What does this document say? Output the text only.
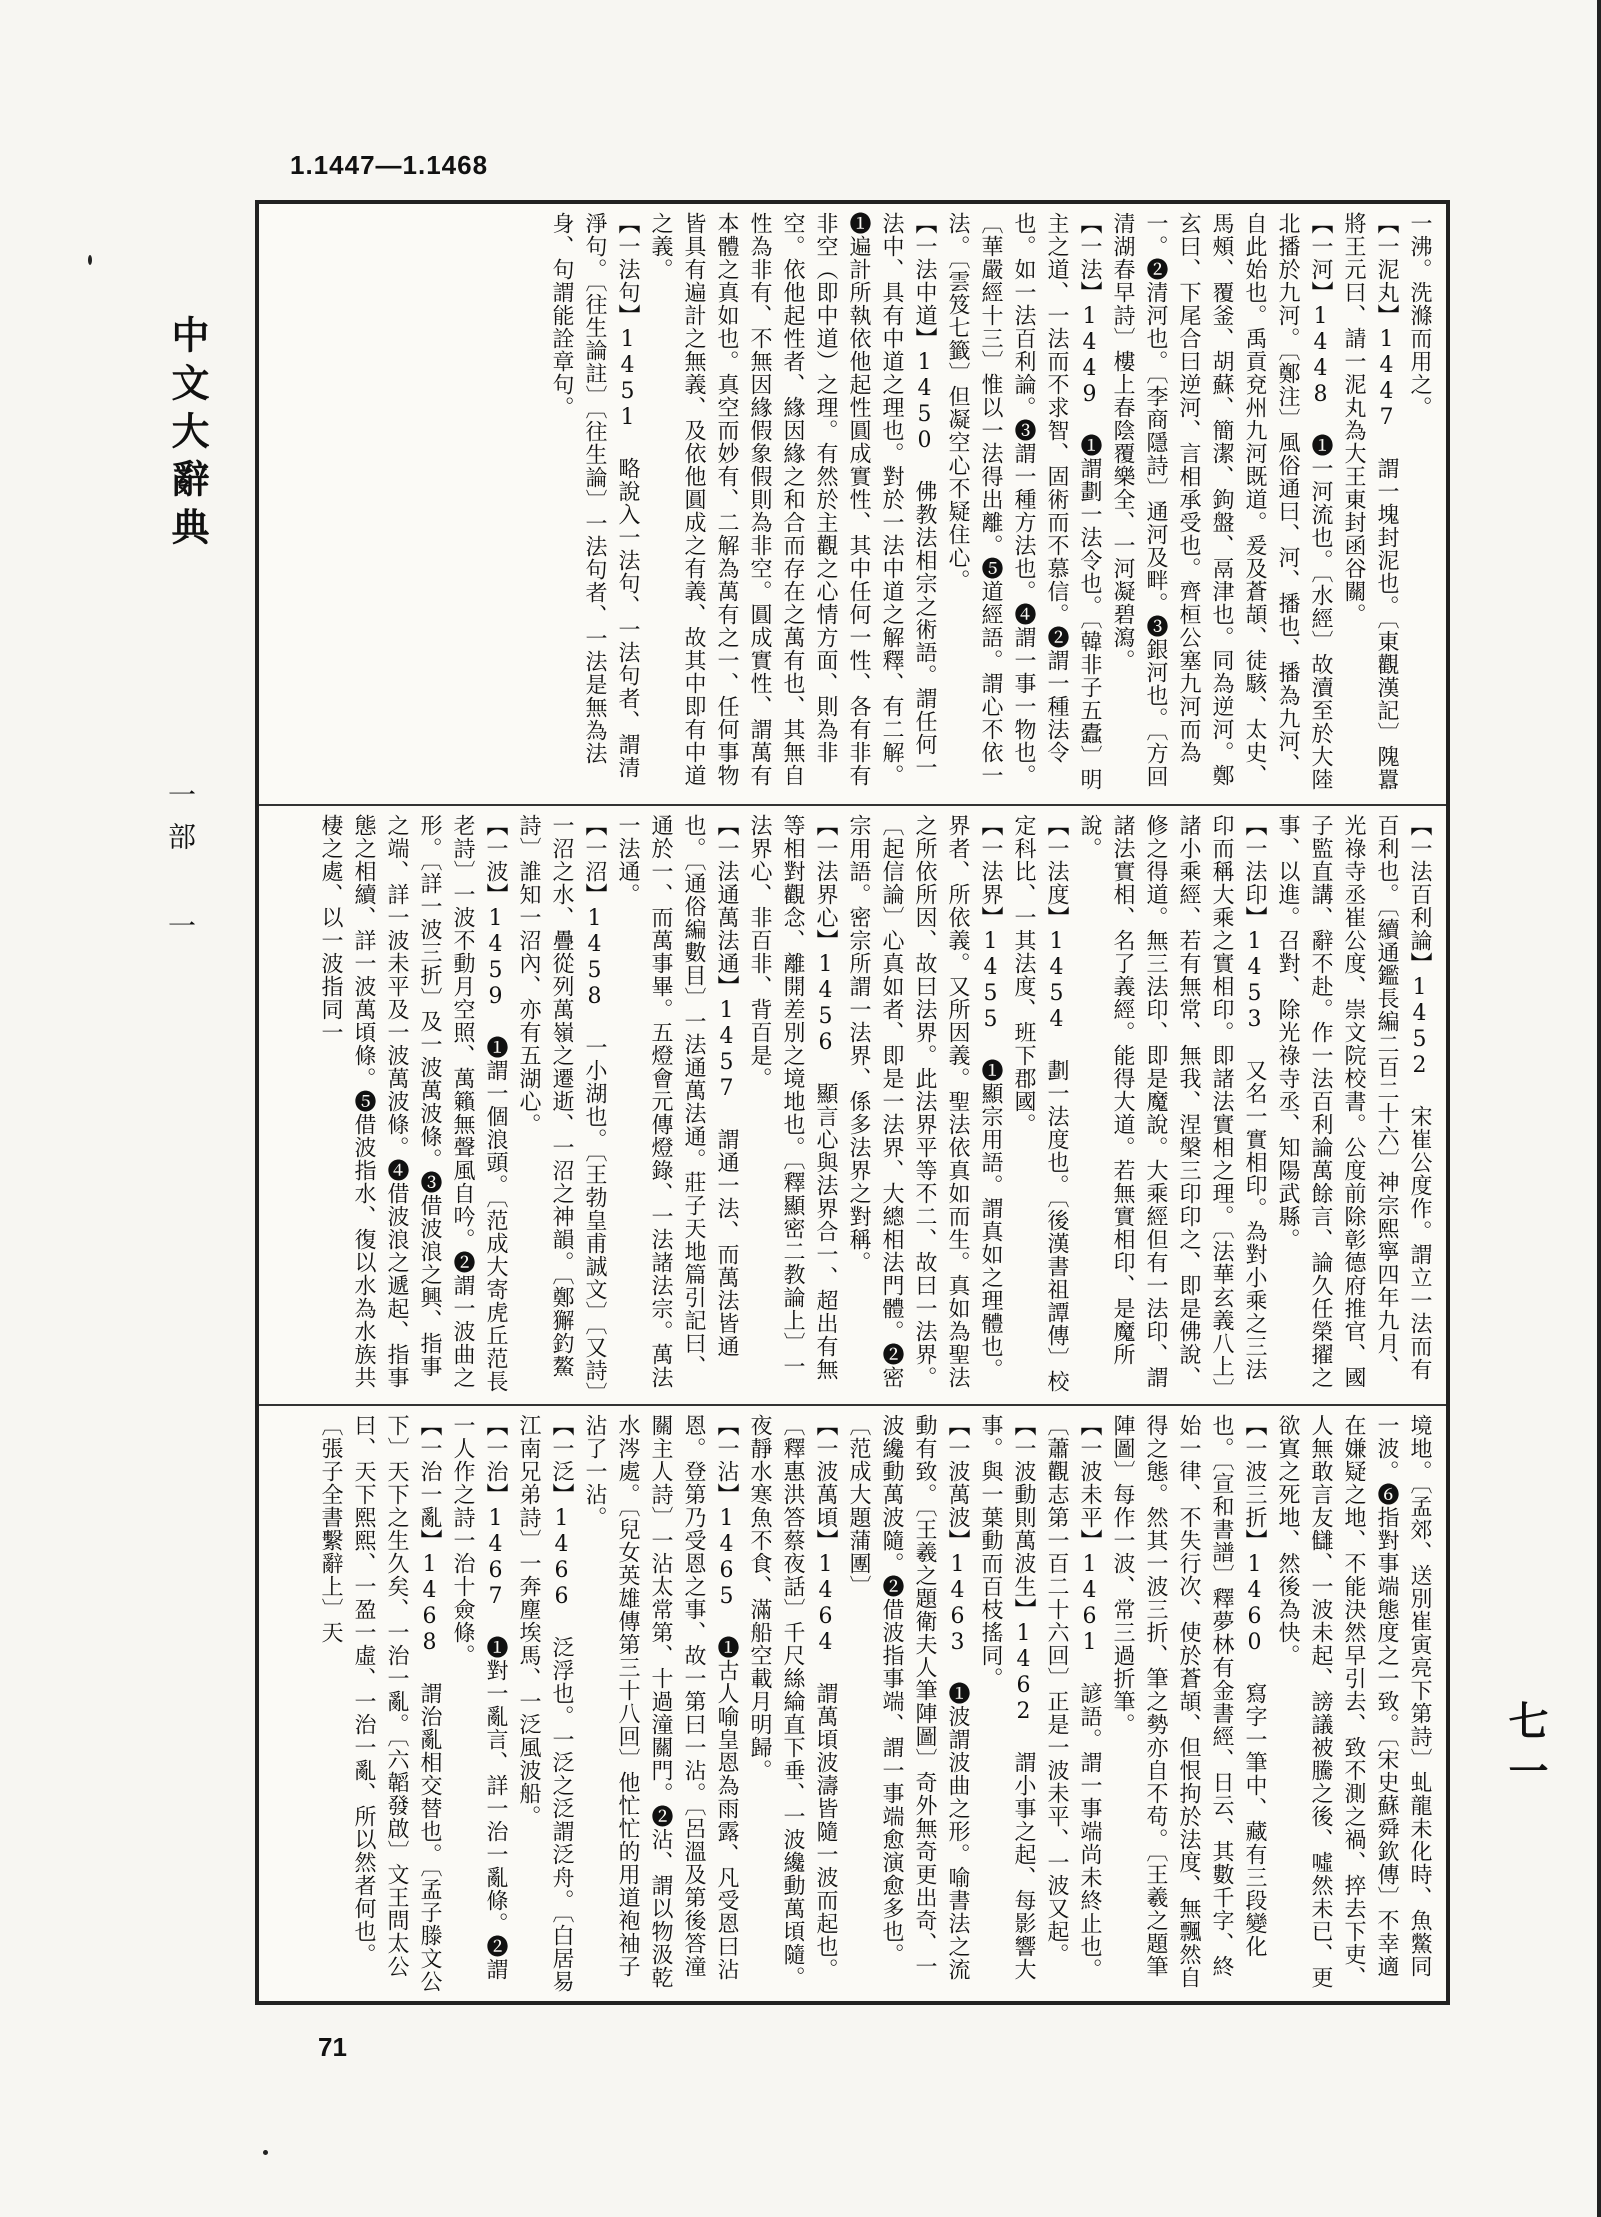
1.1447—1.1468
中文大辭典
一部 一
七一
一沸。洗滌而用之。
【一泥丸】1447 謂一塊封泥也。〔東觀漢記〕隗囂將王元曰、請一泥丸為大王東封函谷關。
【一河】1448 ❶一河流也。〔水經〕故瀆至於大陸北播於九河。〔鄭注〕風俗通曰、河、播也、播為九河、自此始也。禹貢兗州九河既道。爰及蒼頡、徒駭、太史、馬頰、覆釜、胡蘇、簡潔、鉤盤、鬲津也。同為逆河。鄭玄曰、下尾合曰逆河、言相承受也。齊桓公塞九河而為一。❷清河也。〔李商隱詩〕通河及畔。❸銀河也。〔方回清湖春早詩〕樓上春陰覆樂全、一河凝碧瀉。
【一法】1449 ❶謂劃一法令也。〔韓非子五蠹〕明主之道、一法而不求智、固術而不慕信。❷謂一種法令也。如一法百利論。❸謂一種方法也。❹謂一事一物也。〔華嚴經十三〕惟以一法得出離。❺道經語。謂心不依一法。〔雲笈七籤〕但凝空心不疑住心。
【一法中道】1450 佛教法相宗之術語。謂任何一法中、具有中道之理也。對於一法中道之解釋、有二解。❶遍計所執依他起性圓成實性、其中任何一性、各有非有非空（即中道）之理。有然於主觀之心情方面、則為非空。依他起性者、緣因緣之和合而存在之萬有也、其無自性為非有、不無因緣假象假則為非空。圓成實性、謂萬有本體之真如也。真空而妙有、二解為萬有之一、任何事物皆具有遍計之無義、及依他圓成之有義、故其中即有中道之義。
【一法句】1451 略說入一法句、一法句者、謂清淨句。〔往生論註〕〔往生論〕一法句者、一法是無為法身、句謂能詮章句。
【一法百利論】1452 宋崔公度作。謂立一法而有百利也。〔續通鑑長編二百二十六〕神宗熙寧四年九月、光祿寺丞崔公度、崇文院校書。公度前除彰德府推官、國子監直講、辭不赴。作一法百利論萬餘言、論久任榮擢之事、以進。召對、除光祿寺丞、知陽武縣。
【一法印】1453 又名一實相印。為對小乘之三法印而稱大乘之實相印。即諸法實相之理。〔法華玄義八上〕諸小乘經、若有無常、無我、涅槃三印印之、即是佛說、修之得道。無三法印、即是魔說。大乘經但有一法印、謂諸法實相、名了義經。能得大道。若無實相印、是魔所說。
【一法度】1454 劃一法度也。〔後漢書祖譚傳〕校定科比、一其法度、班下郡國。
【一法界】1455 ❶顯宗用語。謂真如之理體也。界者、所依義。又所因義。聖法依真如而生。真如為聖法之所依所因、故曰法界。此法界平等不二、故曰一法界。〔起信論〕心真如者、即是一法界、大總相法門體。❷密宗用語。密宗所謂一法界、係多法界之對稱。
【一法界心】1456 顯言心與法界合一、超出有無等相對觀念、離開差別之境地也。〔釋顯密二教論上〕一法界心、非百非、背百是。
【一法通萬法通】1457 謂通一法、而萬法皆通也。〔通俗編數目〕一法通萬法通。莊子天地篇引記曰、通於一、而萬事畢。五燈會元傳燈錄、一法諸法宗。萬法一法通。
【一沼】1458 一小湖也。〔王勃皇甫誠文〕〔又詩〕一沼之水、疊從列萬嶺之遷逝、一沼之神韻。〔鄭獬釣鰲詩〕誰知一沼內、亦有五湖心。
【一波】1459 ❶謂一個浪頭。〔范成大寄虎丘范長老詩〕一波不動月空照、萬籟無聲風自吟。❷謂一波曲之形。〔詳一波三折〕及一波萬波條。❸借波浪之興、指事之端、詳一波未平及一波萬波條。❹借波浪之遞起、指事態之相續、詳一波萬頃條。❺借波指水、復以水為水族共棲之處、以一波指同一
境地。〔孟郊、送別崔寅亮下第詩〕虬龍未化時、魚鱉同一波。❻指對事端態度之一致。〔宋史蘇舜欽傳〕不幸適在嫌疑之地、不能決然早引去、致不測之禍、捽去下吏、人無敢言友讎、一波未起、謗議被騰之後、噓然未已、更欲寘之死地、然後為快。
【一波三折】1460 寫字一筆中、藏有三段變化也。〔宣和書譜〕釋夢林有金書經、日云、其數千字、終始一律、不失行次、使於蒼頡、但恨拘於法度、無飄然自得之態。然其一波三折、筆之勢亦自不苟。〔王羲之題筆陣圖〕每作一波、常三過折筆。
【一波未平】1461 諺語。謂一事端尚未終止也。〔蕭觀志第一百二十六回〕正是一波未平、一波又起。
【一波動則萬波生】1462 謂小事之起、每影響大事。與一葉動而百枝搖同。
【一波萬波】1463 ❶波謂波曲之形。喻書法之流動有致。〔王羲之題衛夫人筆陣圖〕奇外無奇更出奇、一波纔動萬波隨。❷借波指事端、謂一事端愈演愈多也。〔范成大題蒲團〕
【一波萬頃】1464 謂萬頃波濤皆隨一波而起也。〔釋惠洪答蔡夜話〕千尺絲綸直下垂、一波纔動萬頃隨。夜靜水寒魚不食、滿船空載月明歸。
【一沾】1465 ❶古人喻皇恩為雨露、凡受恩曰沾恩。登第乃受恩之事、故一第曰一沾。〔呂溫及第後答潼關主人詩〕一沾太常第、十過潼關門。❷沾、謂以物汲乾水涔處。〔兒女英雄傳第三十八回〕他忙忙的用道袍袖子沾了一沾。
【一泛】1466 泛浮也。一泛之泛謂泛舟。〔白居易江南兄弟詩〕一奔塵埃馬、一泛風波船。
【一治】1467 ❶對一亂言、詳一治一亂條。❷謂一人作之詩一治十僉條。
【一治一亂】1468 謂治亂相交替也。〔孟子滕文公下〕天下之生久矣、一治一亂。〔六韜發啟〕文王問太公曰、天下熙熙、一盈一虛、一治一亂、所以然者何也。〔張子全書繫辭上〕天
71
